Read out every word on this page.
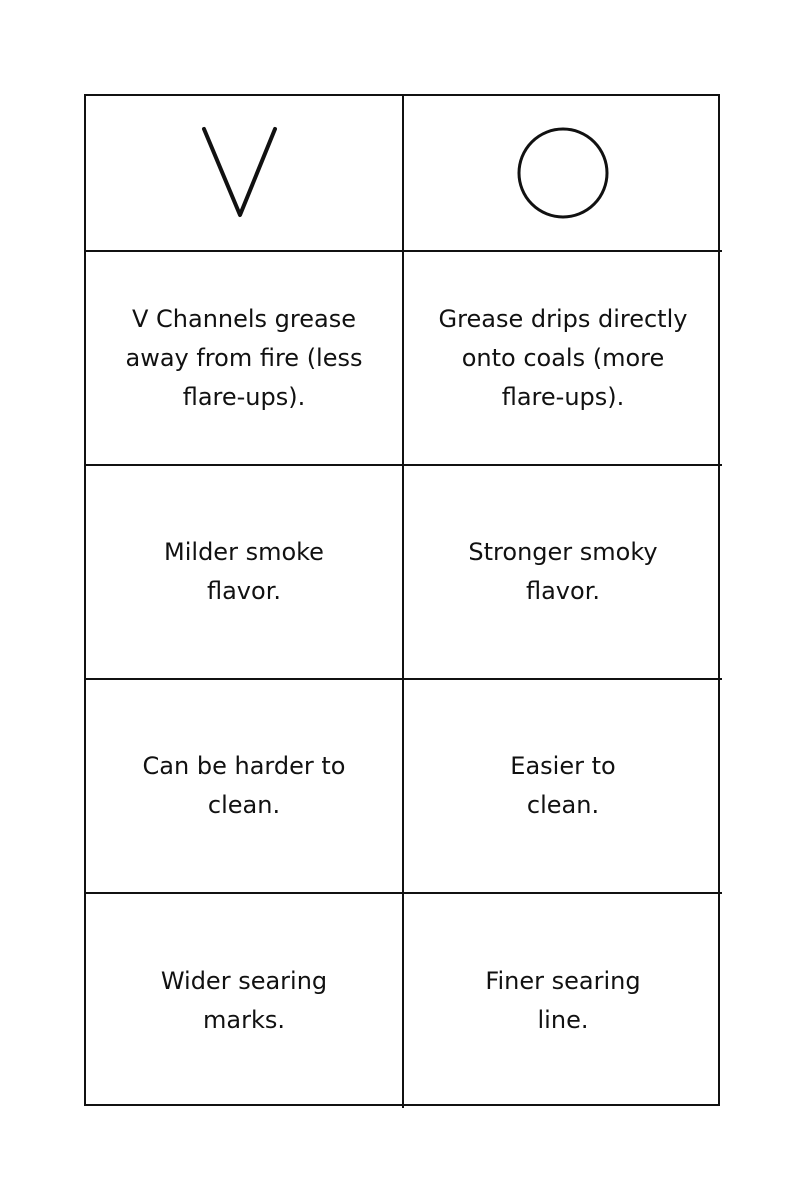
V Channels grease
away from fire (less
flare-ups).
Grease drips directly
onto coals (more
flare-ups).
Milder smoke
flavor.
Stronger smoky
flavor.
Can be harder to
clean.
Easier to
clean.
Wider searing
marks.
Finer searing
line.
